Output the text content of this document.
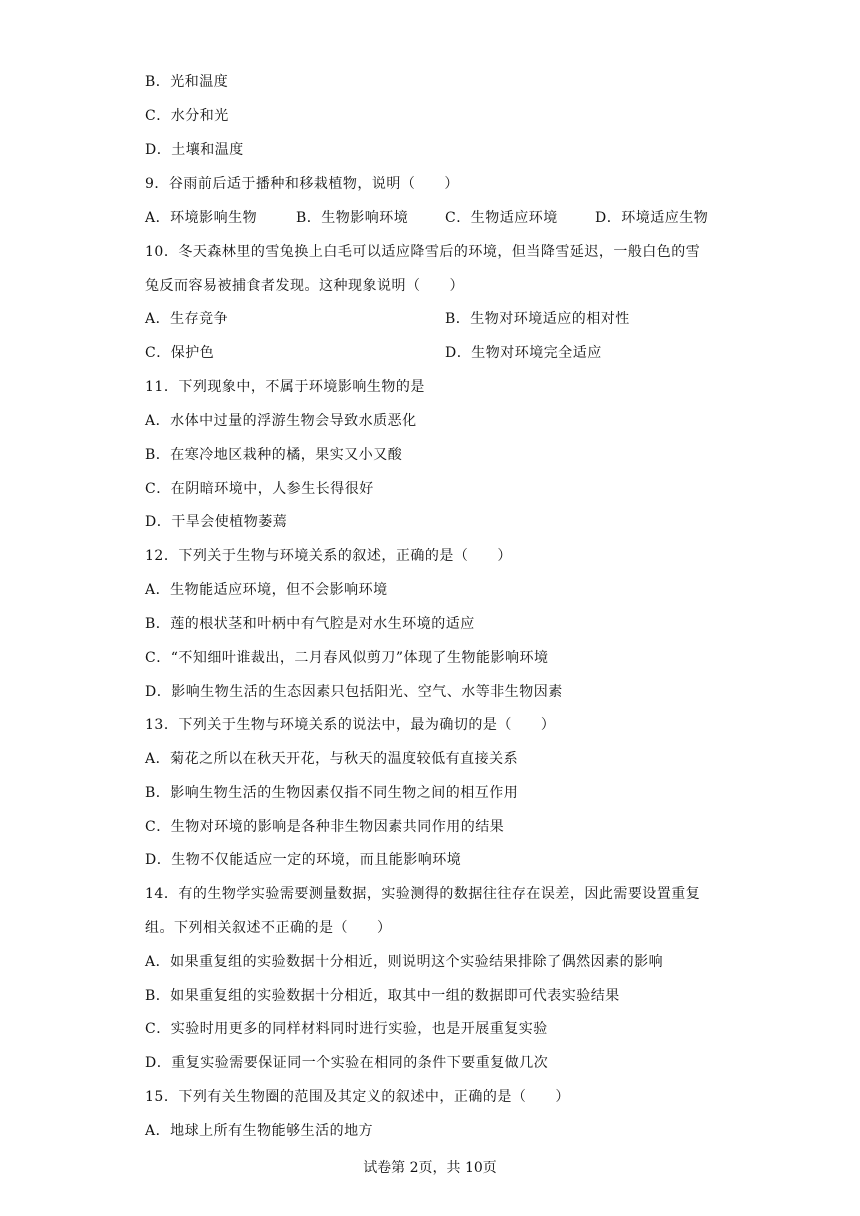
B．光和温度
C．水分和光
D．土壤和温度
9．谷雨前后适于播种和移栽植物，说明（　　）
A．环境影响生物	B．生物影响环境	C．生物适应环境	D．环境适应生物
10．冬天森林里的雪兔换上白毛可以适应降雪后的环境，但当降雪延迟，一般白色的雪
兔反而容易被捕食者发现。这种现象说明（　　）
A．生存竞争	B．生物对环境适应的相对性
C．保护色	D．生物对环境完全适应
11．下列现象中，不属于环境影响生物的是
A．水体中过量的浮游生物会导致水质恶化
B．在寒冷地区栽种的橘，果实又小又酸
C．在阴暗环境中，人参生长得很好
D．干旱会使植物萎蔫
12．下列关于生物与环境关系的叙述，正确的是（　　）
A．生物能适应环境，但不会影响环境
B．莲的根状茎和叶柄中有气腔是对水生环境的适应
C．“不知细叶谁裁出，二月春风似剪刀”体现了生物能影响环境
D．影响生物生活的生态因素只包括阳光、空气、水等非生物因素
13．下列关于生物与环境关系的说法中，最为确切的是（　　）
A．菊花之所以在秋天开花，与秋天的温度较低有直接关系
B．影响生物生活的生物因素仅指不同生物之间的相互作用
C．生物对环境的影响是各种非生物因素共同作用的结果
D．生物不仅能适应一定的环境，而且能影响环境
14．有的生物学实验需要测量数据，实验测得的数据往往存在误差，因此需要设置重复
组。下列相关叙述不正确的是（　　）
A．如果重复组的实验数据十分相近，则说明这个实验结果排除了偶然因素的影响
B．如果重复组的实验数据十分相近，取其中一组的数据即可代表实验结果
C．实验时用更多的同样材料同时进行实验，也是开展重复实验
D．重复实验需要保证同一个实验在相同的条件下要重复做几次
15．下列有关生物圈的范围及其定义的叙述中，正确的是（　　）
A．地球上所有生物能够生活的地方
试卷第 2页，共 10页
